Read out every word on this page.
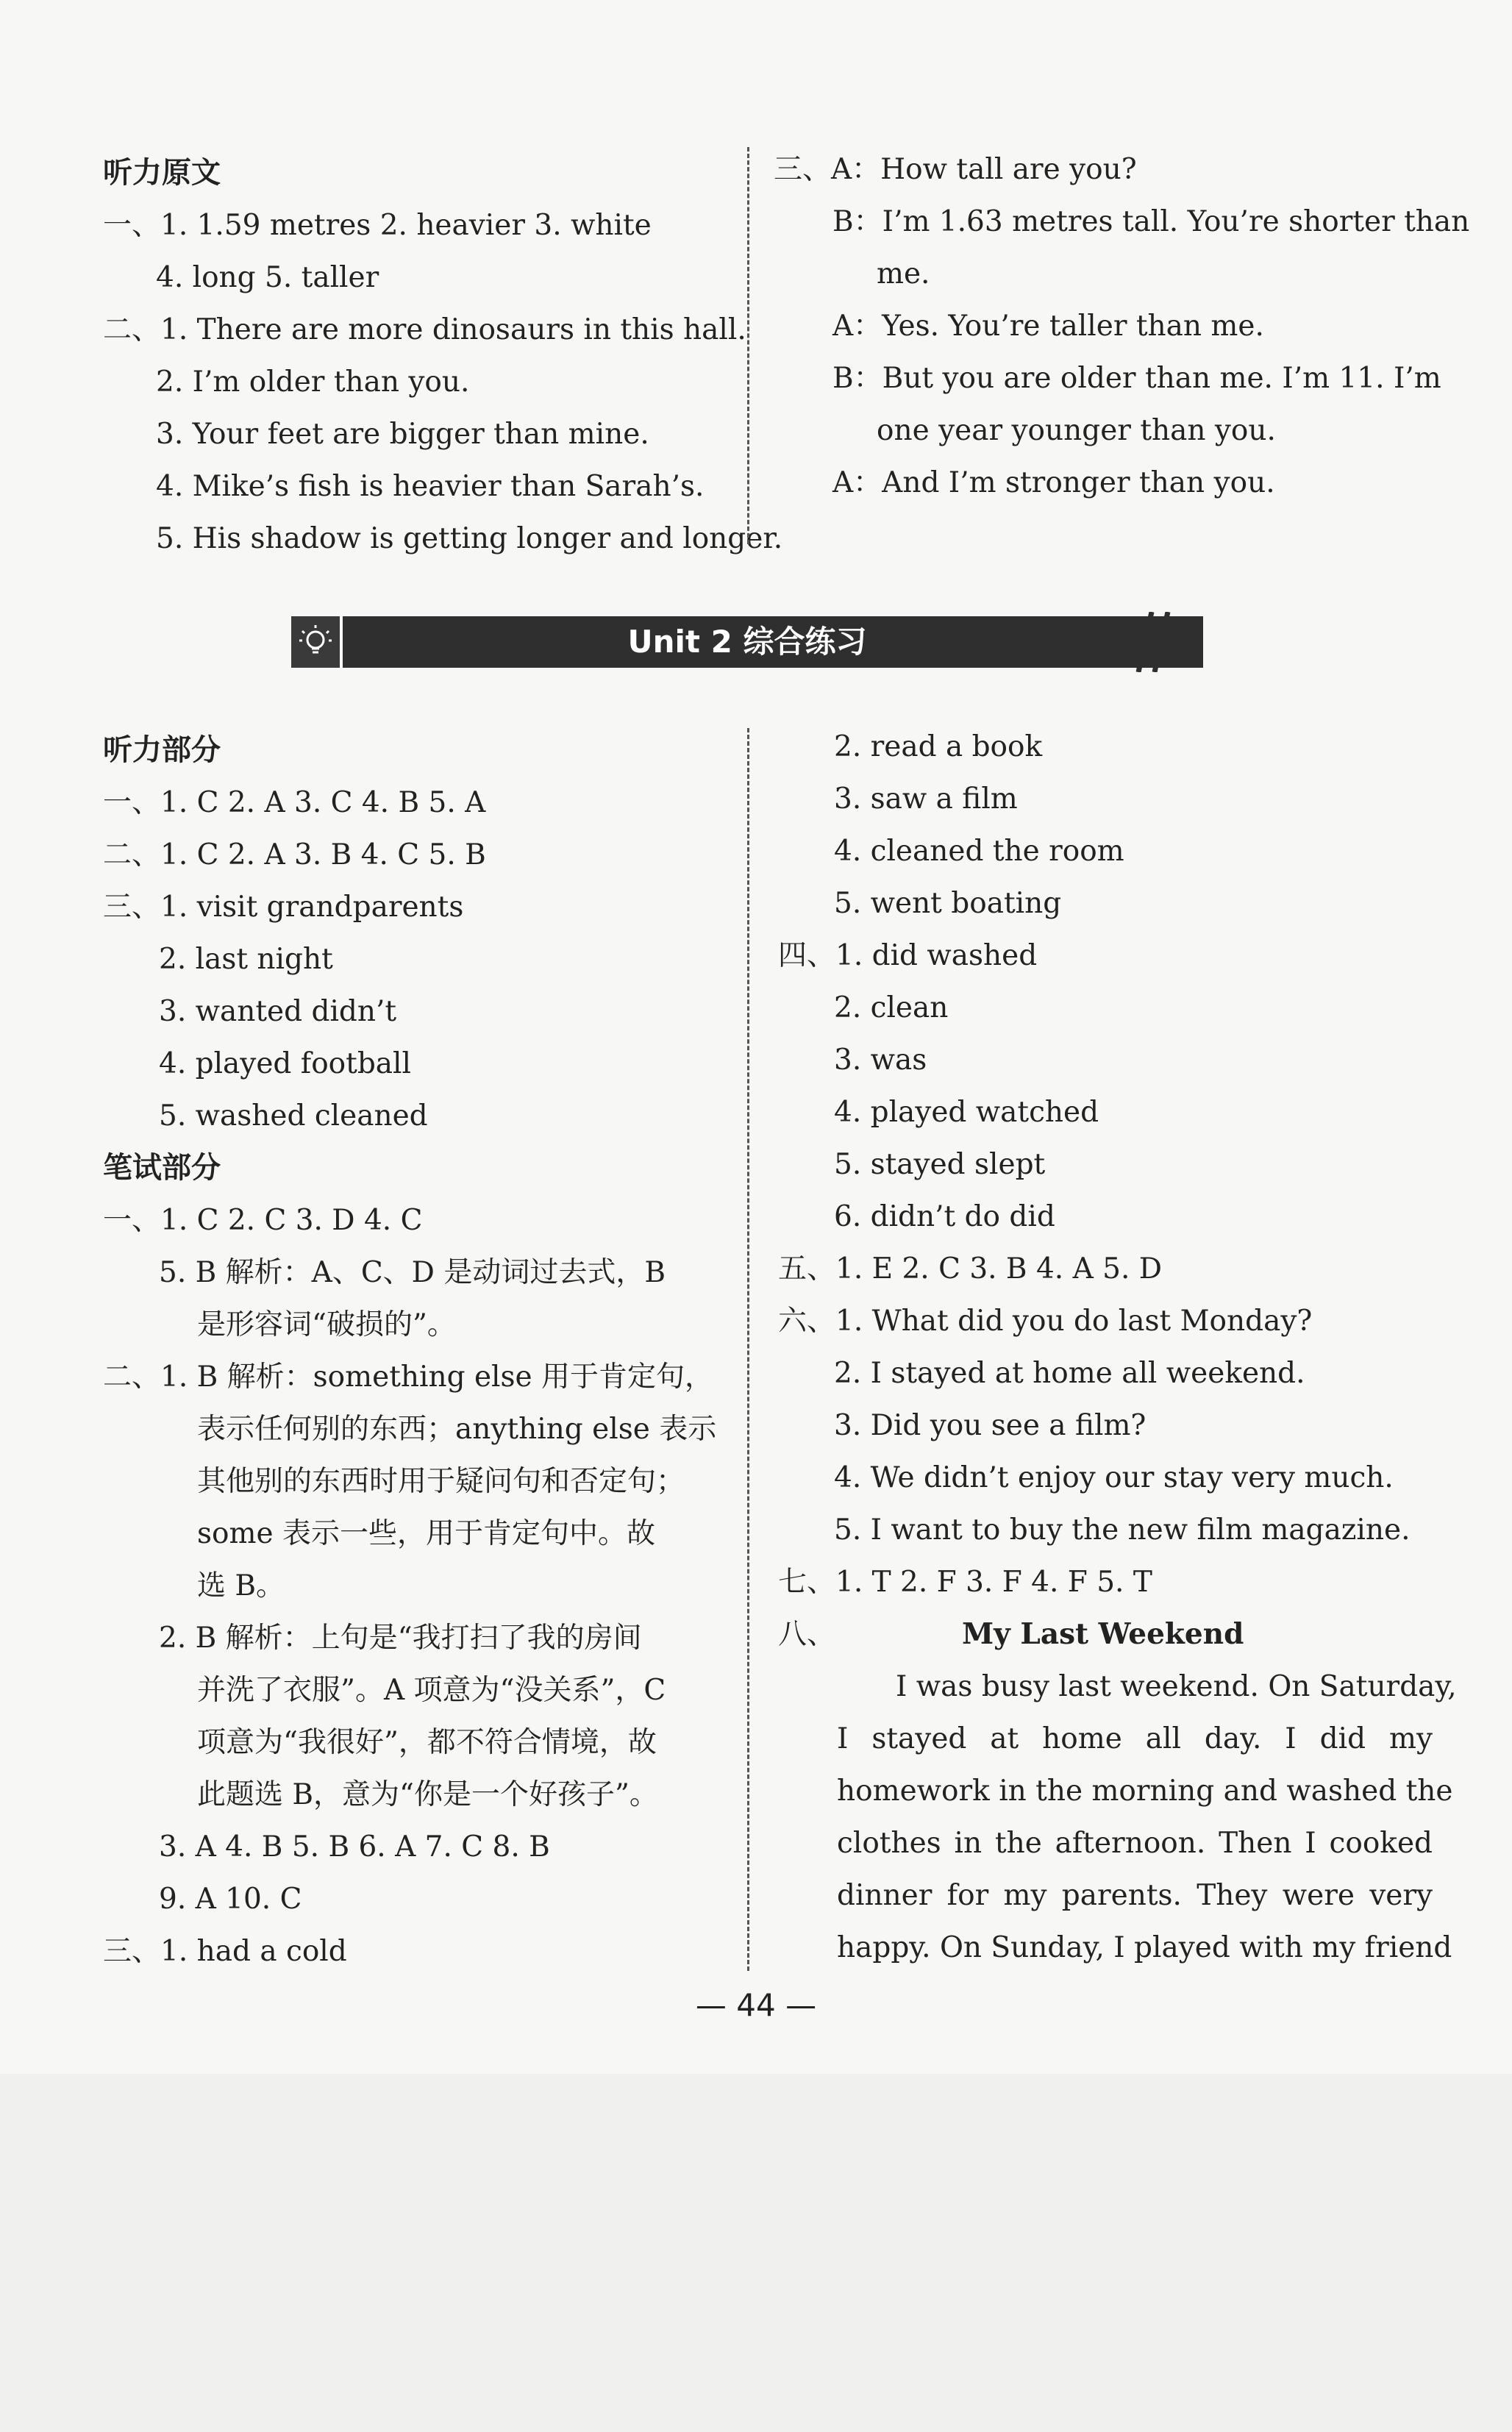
听力原文
一、1. 1.59 metres 2. heavier 3. white
4. long 5. taller
二、1. There are more dinosaurs in this hall.
2. I’m older than you.
3. Your feet are bigger than mine.
4. Mike’s fish is heavier than Sarah’s.
5. His shadow is getting longer and longer.
三、A：How tall are you?
B：I’m 1.63 metres tall. You’re shorter than
me.
A：Yes. You’re taller than me.
B：But you are older than me. I’m 11. I’m
one year younger than you.
A：And I’m stronger than you.
Unit 2 综合练习
听力部分
一、1. C 2. A 3. C 4. B 5. A
二、1. C 2. A 3. B 4. C 5. B
三、1. visit grandparents
2. last night
3. wanted didn’t
4. played football
5. washed cleaned
笔试部分
一、1. C 2. C 3. D 4. C
5. B 解析：A、C、D 是动词过去式，B
是形容词“破损的”。
二、1. B 解析：something else 用于肯定句，
表示任何别的东西；anything else 表示
其他别的东西时用于疑问句和否定句；
some 表示一些，用于肯定句中。故
选 B。
2. B 解析：上句是“我打扫了我的房间
并洗了衣服”。A 项意为“没关系”，C
项意为“我很好”，都不符合情境，故
此题选 B，意为“你是一个好孩子”。
3. A 4. B 5. B 6. A 7. C 8. B
9. A 10. C
三、1. had a cold
2. read a book
3. saw a film
4. cleaned the room
5. went boating
四、1. did washed
2. clean
3. was
4. played watched
5. stayed slept
6. didn’t do did
五、1. E 2. C 3. B 4. A 5. D
六、1. What did you do last Monday?
2. I stayed at home all weekend.
3. Did you see a film?
4. We didn’t enjoy our stay very much.
5. I want to buy the new film magazine.
七、1. T 2. F 3. F 4. F 5. T
八、	My Last Weekend
I was busy last weekend. On Saturday,
I stayed at home all day. I did my
homework in the morning and washed the
clothes in the afternoon. Then I cooked
dinner for my parents. They were very
happy. On Sunday, I played with my friend
— 44 —
